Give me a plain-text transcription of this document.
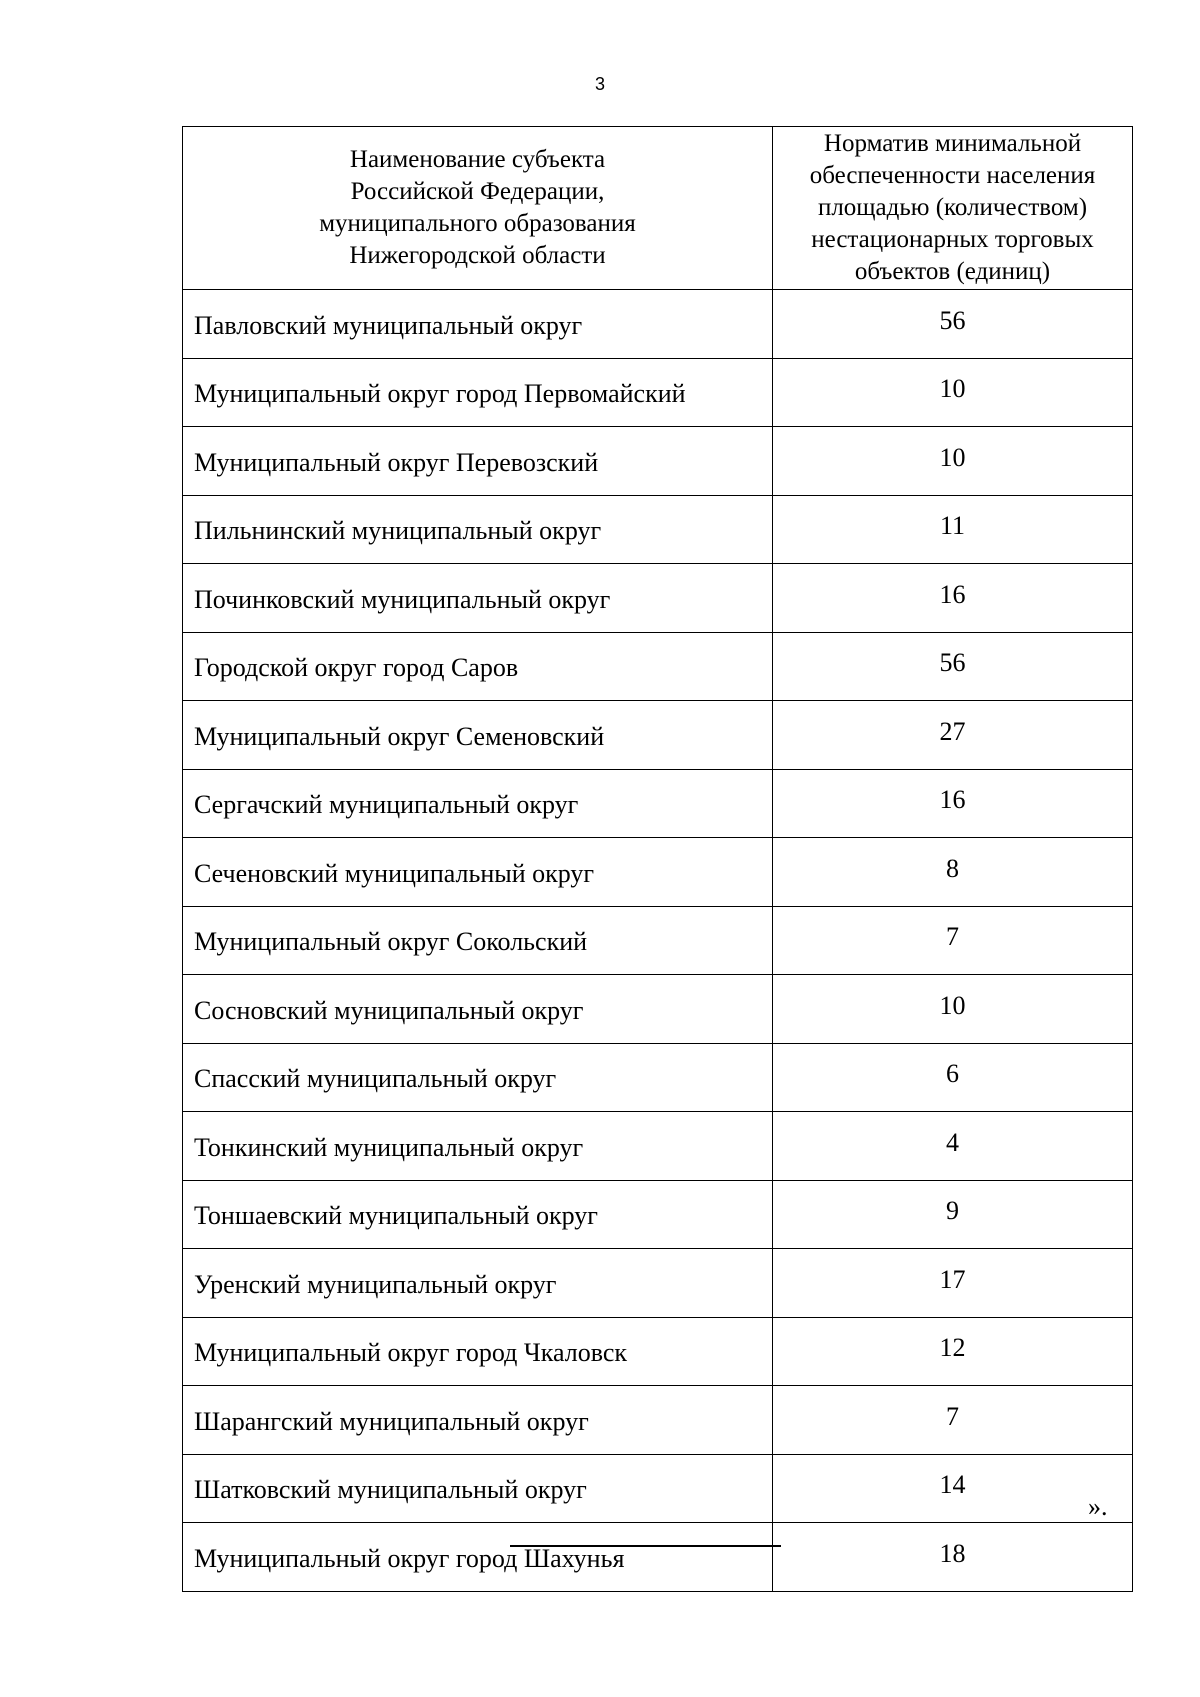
3
Наименование субъекта
Российской Федерации,
муниципального образования
Нижегородской области	Норматив минимальной
обеспеченности населения
площадью (количеством)
нестационарных торговых
объектов (единиц)

Павловский муниципальный округ	56
Муниципальный округ город Первомайский	10
Муниципальный округ Перевозский	10
Пильнинский муниципальный округ	11
Починковский муниципальный округ	16
Городской округ город Саров	56
Муниципальный округ Семеновский	27
Сергачский муниципальный округ	16
Сеченовский муниципальный округ	8
Муниципальный округ Сокольский	7
Сосновский муниципальный округ	10
Спасский муниципальный округ	6
Тонкинский муниципальный округ	4
Тоншаевский муниципальный округ	9
Уренский муниципальный округ	17
Муниципальный округ город Чкаловск	12
Шарангский муниципальный округ	7
Шатковский муниципальный округ	14
Муниципальный округ город Шахунья	18
».
